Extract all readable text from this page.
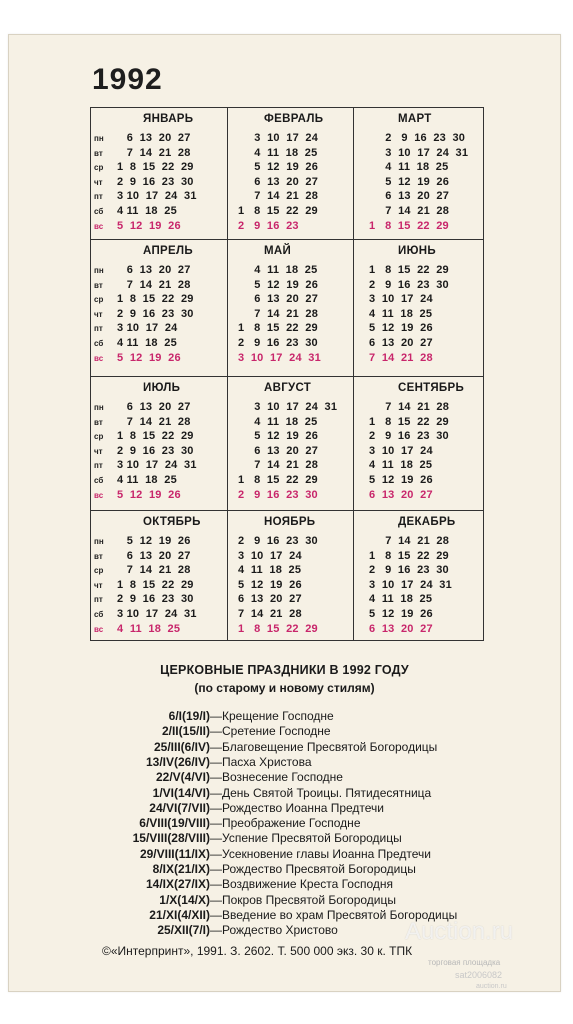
1992
ЯНВАРЬ
пн	6  13  20  27
вт	7  14  21  28
ср	1  8  15  22  29
чт	2  9  16  23  30
пт	3 10  17  24  31
сб	4 11  18  25
вс	5  12  19  26
ФЕВРАЛЬ
3  10  17  24
4  11  18  25
5  12  19  26
6  13  20  27
7  14  21  28
1   8  15  22  29
2   9  16  23
МАРТ
2   9  16  23  30
3  10  17  24  31
4  11  18  25
5  12  19  26
6  13  20  27
7  14  21  28
1   8  15  22  29
АПРЕЛЬ
пн	6  13  20  27
вт	7  14  21  28
ср	1  8  15  22  29
чт	2  9  16  23  30
пт	3 10  17  24
сб	4 11  18  25
вс	5  12  19  26
МАЙ
4  11  18  25
5  12  19  26
6  13  20  27
7  14  21  28
1   8  15  22  29
2   9  16  23  30
3  10  17  24  31
ИЮНЬ
1   8  15  22  29
2   9  16  23  30
3  10  17  24
4  11  18  25
5  12  19  26
6  13  20  27
7  14  21  28
ИЮЛЬ
пн	6  13  20  27
вт	7  14  21  28
ср	1  8  15  22  29
чт	2  9  16  23  30
пт	3 10  17  24  31
сб	4 11  18  25
вс	5  12  19  26
АВГУСТ
3  10  17  24  31
4  11  18  25
5  12  19  26
6  13  20  27
7  14  21  28
1   8  15  22  29
2   9  16  23  30
СЕНТЯБРЬ
7  14  21  28
1   8  15  22  29
2   9  16  23  30
3  10  17  24
4  11  18  25
5  12  19  26
6  13  20  27
ОКТЯБРЬ
пн	5  12  19  26
вт	6  13  20  27
ср	7  14  21  28
чт	1  8  15  22  29
пт	2  9  16  23  30
сб	3 10  17  24  31
вс	4  11  18  25
НОЯБРЬ
2   9  16  23  30
3  10  17  24
4  11  18  25
5  12  19  26
6  13  20  27
7  14  21  28
1   8  15  22  29
ДЕКАБРЬ
7  14  21  28
1   8  15  22  29
2   9  16  23  30
3  10  17  24  31
4  11  18  25
5  12  19  26
6  13  20  27
ЦЕРКОВНЫЕ ПРАЗДНИКИ В 1992 ГОДУ
(по старому и новому стилям)
6/I(19/I) —Крещение Господне
2/II(15/II) —Сретение Господне
25/III(6/IV) —Благовещение Пресвятой Богородицы
13/IV(26/IV) —Пасха Христова
22/V(4/VI) —Вознесение Господне
1/VI(14/VI) —День Святой Троицы. Пятидесятница
24/VI(7/VII) —Рождество Иоанна Предтечи
6/VIII(19/VIII) —Преображение Господне
15/VIII(28/VIII) —Успение Пресвятой Богородицы
29/VIII(11/IX) —Усекновение главы Иоанна Предтечи
8/IX(21/IX) —Рождество Пресвятой Богородицы
14/IX(27/IX) —Воздвижение Креста Господня
1/X(14/X) —Покров Пресвятой Богородицы
21/XI(4/XII) —Введение во храм Пресвятой Богородицы
25/XII(7/I) —Рождество Христово
©«Интерпринт», 1991. З. 2602. Т. 500 000 экз. 30 к. ТПК
Auction.ru
торговая площадка
sat2006082
auction.ru
